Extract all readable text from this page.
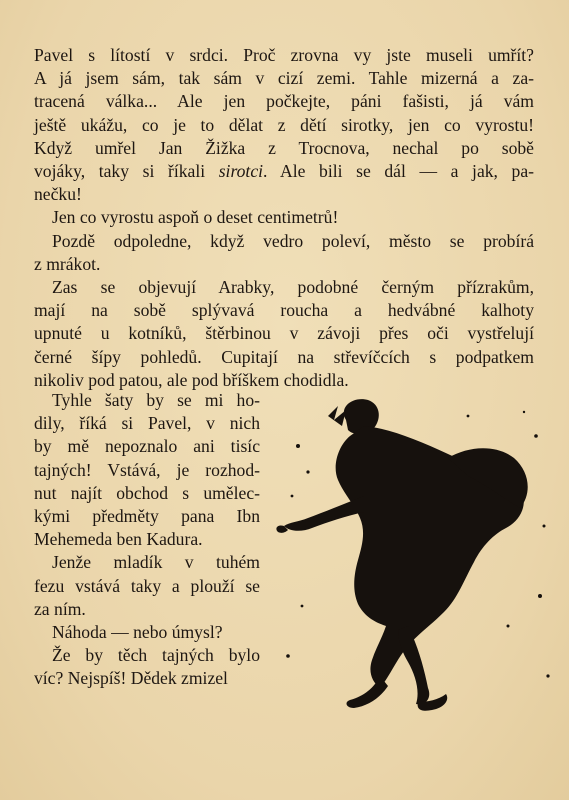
Pavel s lítostí v srdci. Proč zrovna vy jste museli umřít?
A já jsem sám, tak sám v cizí zemi. Tahle mizerná a za-
tracená válka... Ale jen počkejte, páni fašisti, já vám
ještě ukážu, co je to dělat z dětí sirotky, jen co vyrostu!
Když umřel Jan Žižka z Trocnova, nechal po sobě
vojáky, taky si říkali sirotci. Ale bili se dál — a jak, pa-
nečku!
Jen co vyrostu aspoň o deset centimetrů!
Pozdě odpoledne, když vedro poleví, město se probírá
z mrákot.
Zas se objevují Arabky, podobné černým přízrakům,
mají na sobě splývavá roucha a hedvábné kalhoty
upnuté u kotníků, štěrbinou v závoji přes oči vystřelují
černé šípy pohledů. Cupitají na střevíčcích s podpatkem
nikoliv pod patou, ale pod bříškem chodidla.
Tyhle šaty by se mi ho-
dily, říká si Pavel, v nich
by mě nepoznalo ani tisíc
tajných! Vstává, je rozhod-
nut najít obchod s umělec-
kými předměty pana Ibn
Mehemeda ben Kadura.
Jenže mladík v tuhém
fezu vstává taky a plouží se
za ním.
Náhoda — nebo úmysl?
Že by těch tajných bylo
víc? Nejspíš! Dědek zmizel
